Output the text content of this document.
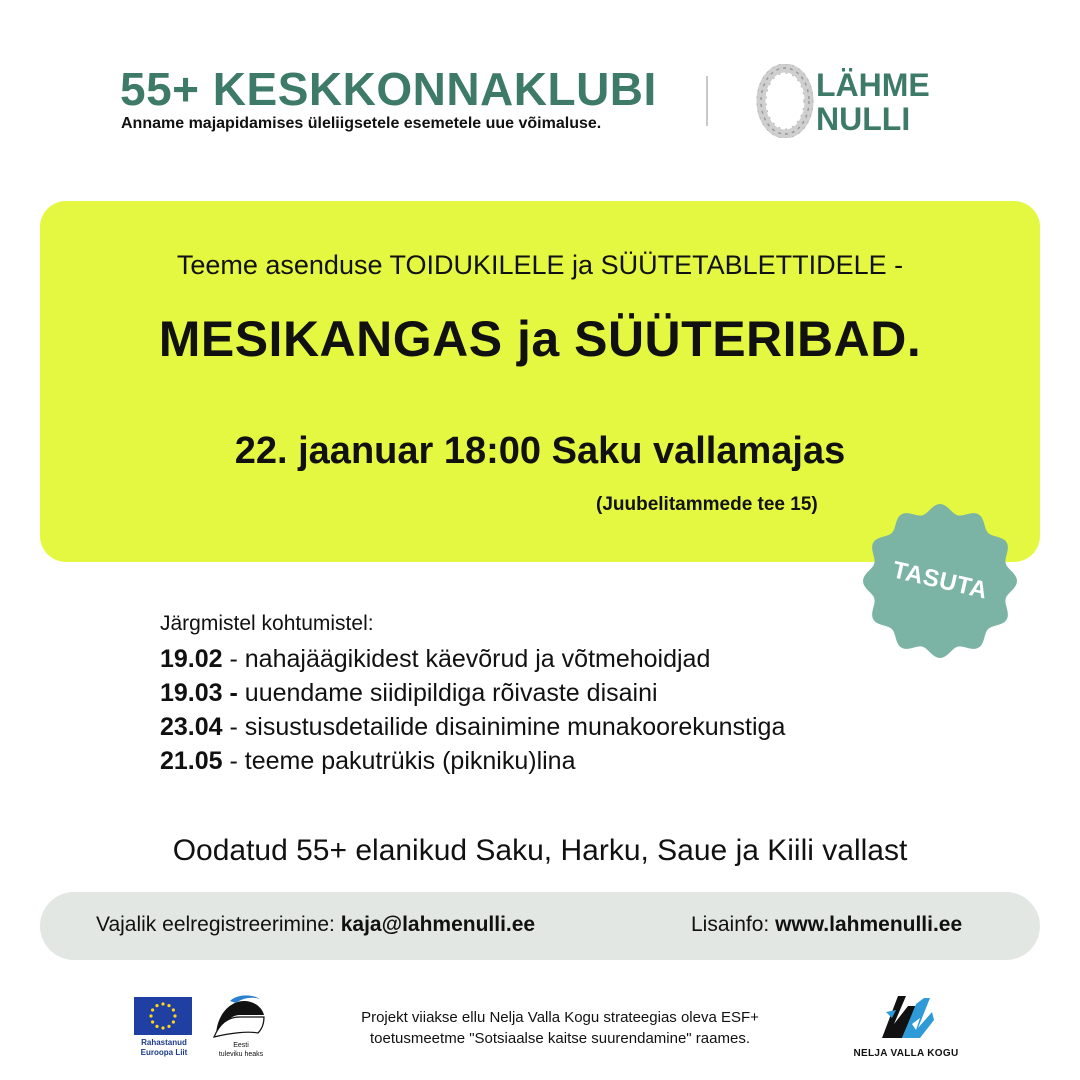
55+ KESKKONNAKLUBI
Anname majapidamises üleliigsetele esemetele uue võimaluse.
LÄHME
NULLI
Teeme asenduse TOIDUKILELE ja SÜÜTETABLETTIDELE -
MESIKANGAS ja SÜÜTERIBAD.
22. jaanuar 18:00 Saku vallamajas
(Juubelitammede tee 15)
TASUTA
Järgmistel kohtumistel:
19.02 - nahajäägikidest käevõrud ja võtmehoidjad
19.03 - uuendame siidipildiga rõivaste disaini
23.04 - sisustusdetailide disainimine munakoorekunstiga
21.05 - teeme pakutrükis (pikniku)lina
Oodatud 55+ elanikud Saku, Harku, Saue ja Kiili vallast
Vajalik eelregistreerimine: kaja@lahmenulli.ee	Lisainfo: www.lahmenulli.ee
Rahastanud
Euroopa Liit
Eesti
tuleviku heaks
Projekt viiakse ellu Nelja Valla Kogu strateegias oleva ESF+
toetusmeetme "Sotsiaalse kaitse suurendamine" raames.
NELJA VALLA KOGU
